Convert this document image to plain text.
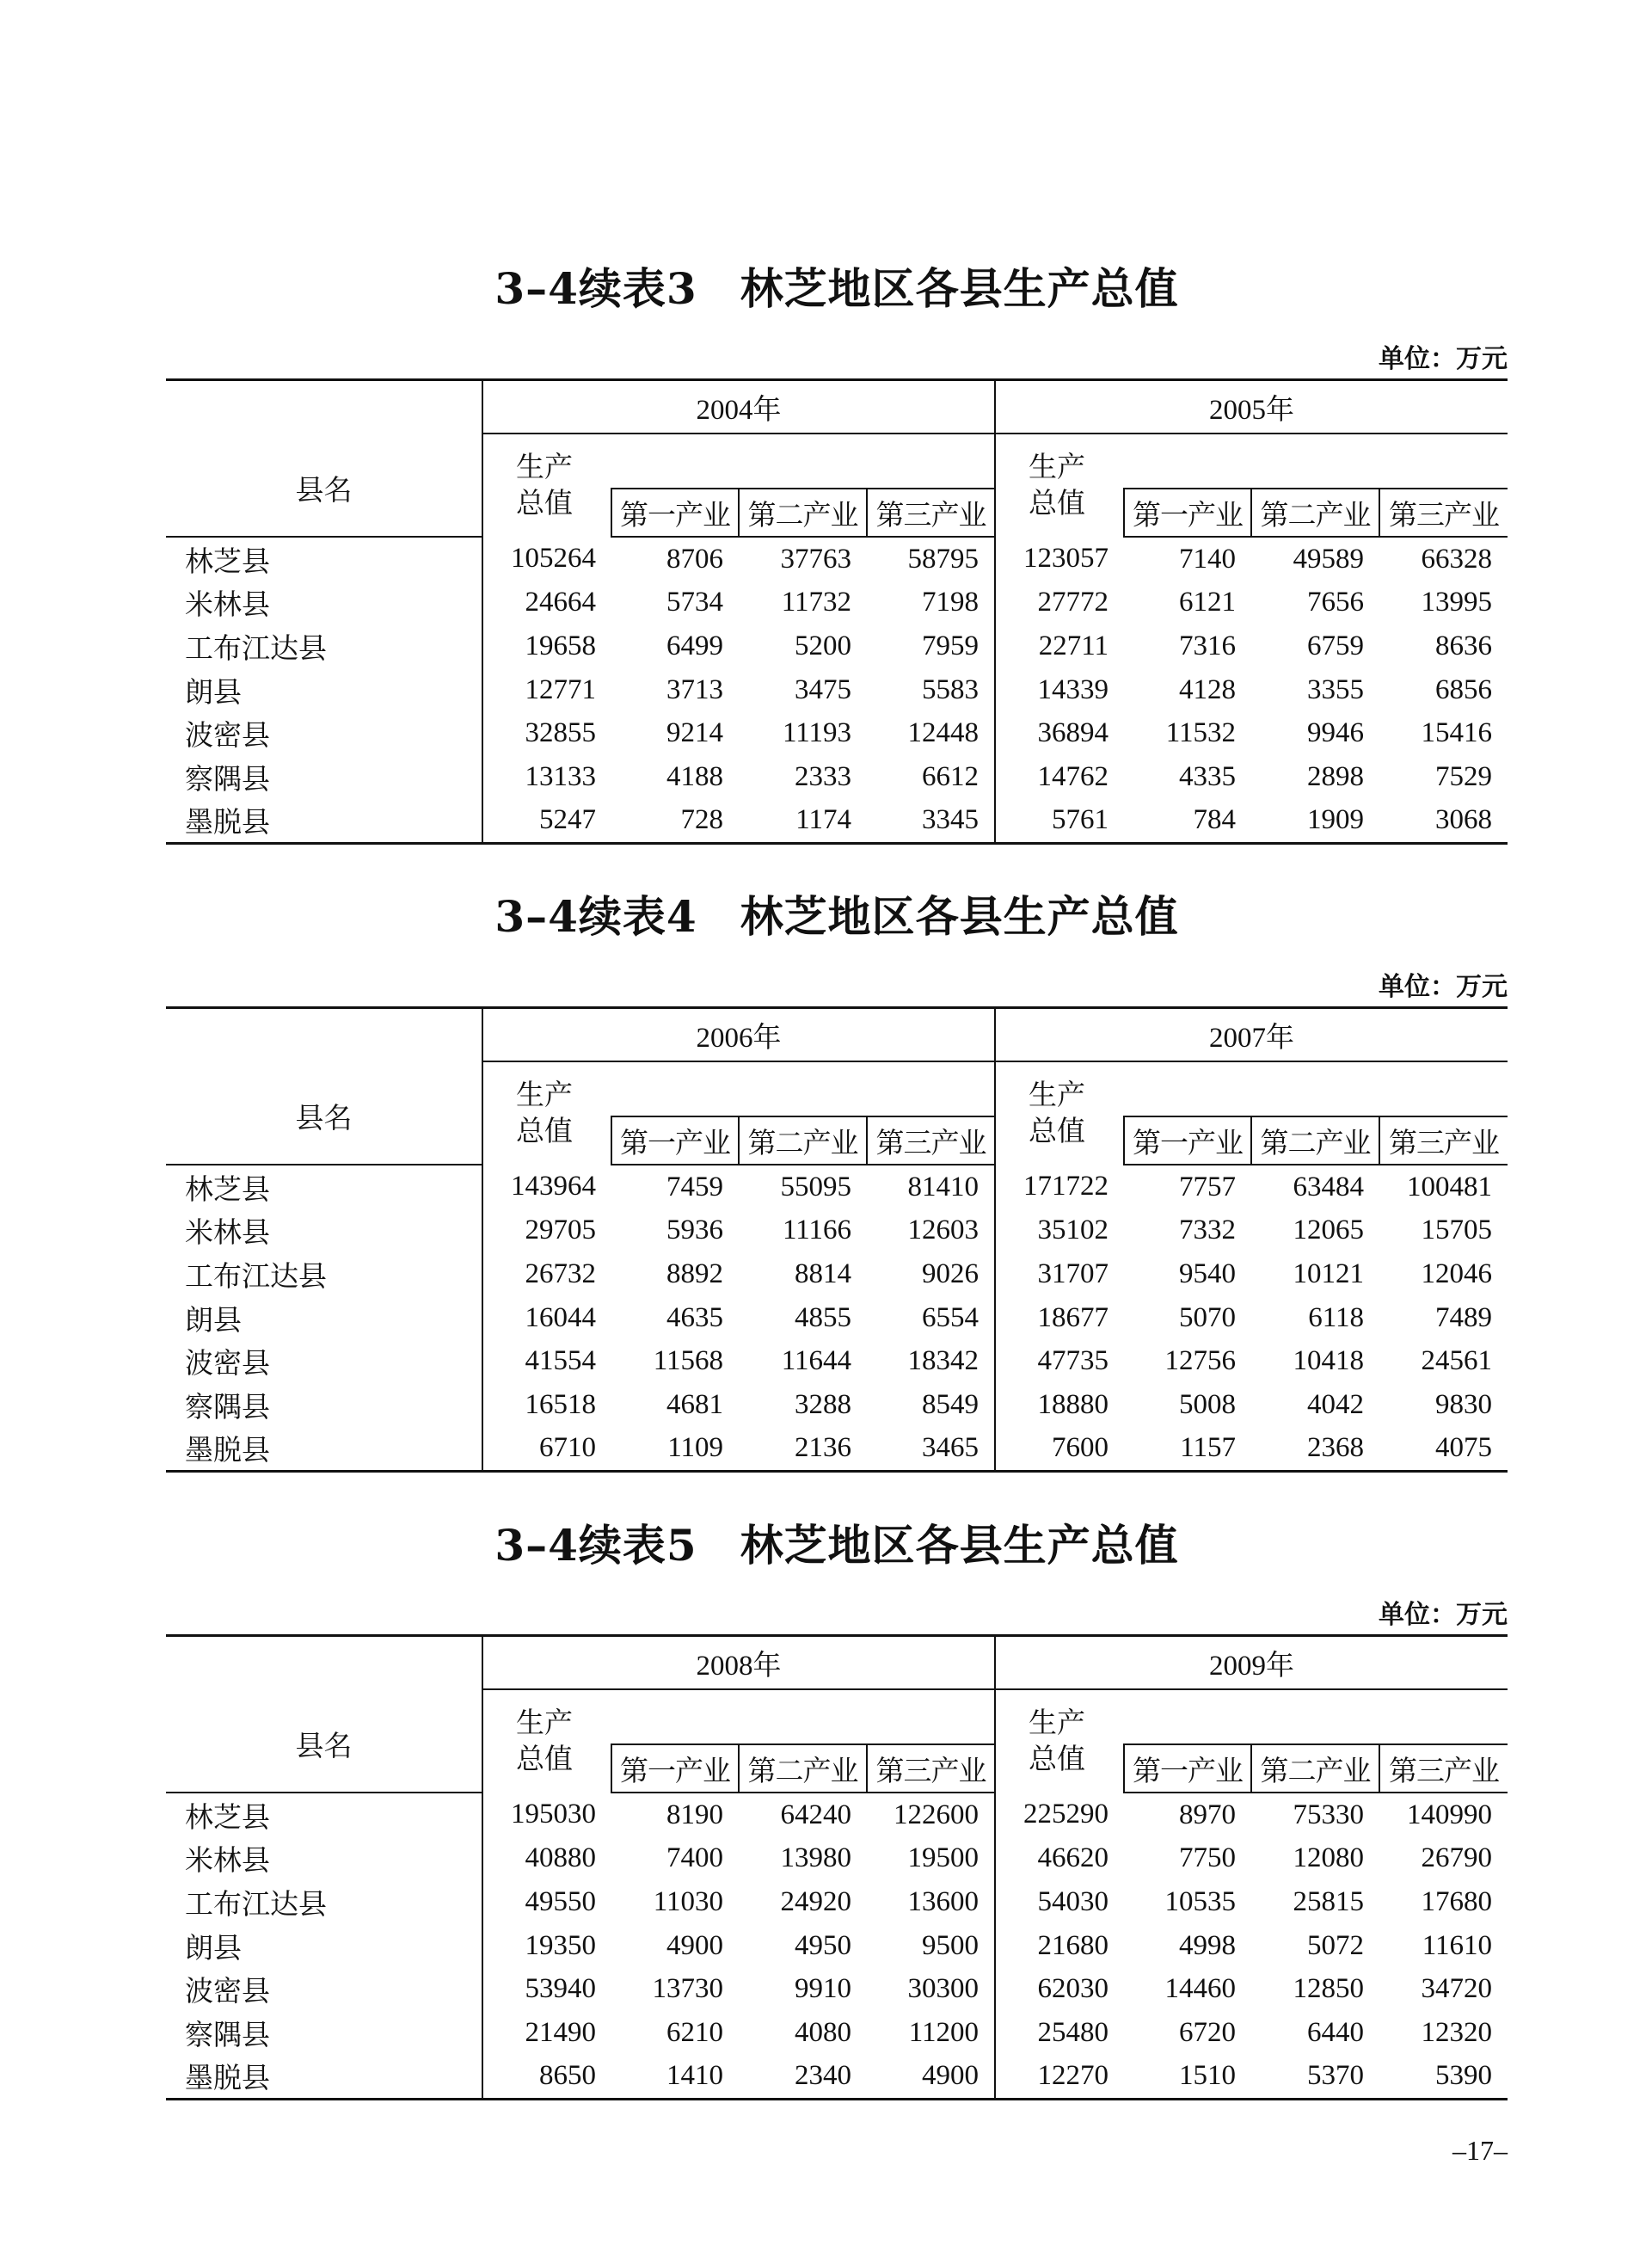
3–4续表3 林芝地区各县生产总值
单位：万元
县名	2004年				2005年			
	生产
总值				生产
总值			
		第一产业	第二产业	第三产业		第一产业	第二产业	第三产业
林芝县	105264	8706	37763	58795	123057	7140	49589	66328
米林县	24664	5734	11732	7198	27772	6121	7656	13995
工布江达县	19658	6499	5200	7959	22711	7316	6759	8636
朗县	12771	3713	3475	5583	14339	4128	3355	6856
波密县	32855	9214	11193	12448	36894	11532	9946	15416
察隅县	13133	4188	2333	6612	14762	4335	2898	7529
墨脱县	5247	728	1174	3345	5761	784	1909	3068
3–4续表4 林芝地区各县生产总值
单位：万元
县名	2006年				2007年			
	生产
总值				生产
总值			
		第一产业	第二产业	第三产业		第一产业	第二产业	第三产业
林芝县	143964	7459	55095	81410	171722	7757	63484	100481
米林县	29705	5936	11166	12603	35102	7332	12065	15705
工布江达县	26732	8892	8814	9026	31707	9540	10121	12046
朗县	16044	4635	4855	6554	18677	5070	6118	7489
波密县	41554	11568	11644	18342	47735	12756	10418	24561
察隅县	16518	4681	3288	8549	18880	5008	4042	9830
墨脱县	6710	1109	2136	3465	7600	1157	2368	4075
3–4续表5 林芝地区各县生产总值
单位：万元
县名	2008年				2009年			
	生产
总值				生产
总值			
		第一产业	第二产业	第三产业		第一产业	第二产业	第三产业
林芝县	195030	8190	64240	122600	225290	8970	75330	140990
米林县	40880	7400	13980	19500	46620	7750	12080	26790
工布江达县	49550	11030	24920	13600	54030	10535	25815	17680
朗县	19350	4900	4950	9500	21680	4998	5072	11610
波密县	53940	13730	9910	30300	62030	14460	12850	34720
察隅县	21490	6210	4080	11200	25480	6720	6440	12320
墨脱县	8650	1410	2340	4900	12270	1510	5370	5390
–17–
